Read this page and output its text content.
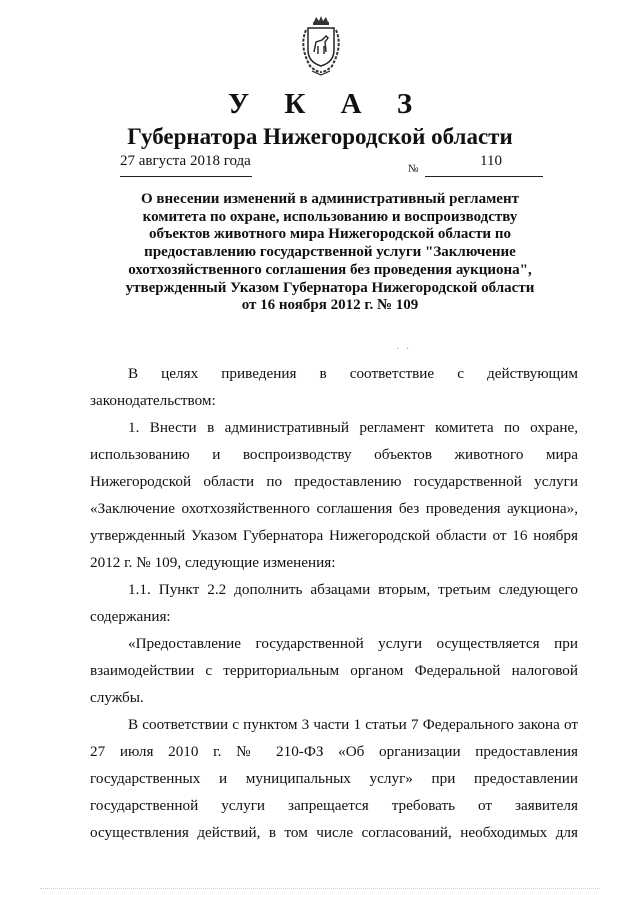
У К А З
Губернатора Нижегородской области
27 августа 2018 года	№	110
О внесении изменений в административный регламент
комитета по охране, использованию и воспроизводству
объектов животного мира Нижегородской области по
предоставлению государственной услуги "Заключение
охотхозяйственного соглашения без проведения аукциона",
утвержденный Указом Губернатора Нижегородской области
от 16 ноября 2012 г. № 109
· ·

В целях приведения в соответствие с действующим законодательством:

1. Внести в административный регламент комитета по охране, использованию и воспроизводству объектов животного мира Нижегородской области по предоставлению государственной услуги «Заключение охотхозяйственного соглашения без проведения аукциона», утвержденный Указом Губернатора Нижегородской области от 16 ноября 2012 г. № 109, следующие изменения:

1.1. Пункт 2.2 дополнить абзацами вторым, третьим следующего содержания:

«Предоставление государственной услуги осуществляется при взаимодействии с территориальным органом Федеральной налоговой службы.

В соответствии с пунктом 3 части 1 статьи 7 Федерального закона от 27 июля 2010 г. № 210-ФЗ «Об организации предоставления государственных и муниципальных услуг» при предоставлении государственной услуги запрещается требовать от заявителя осуществления действий, в том числе согласований, необходимых для
